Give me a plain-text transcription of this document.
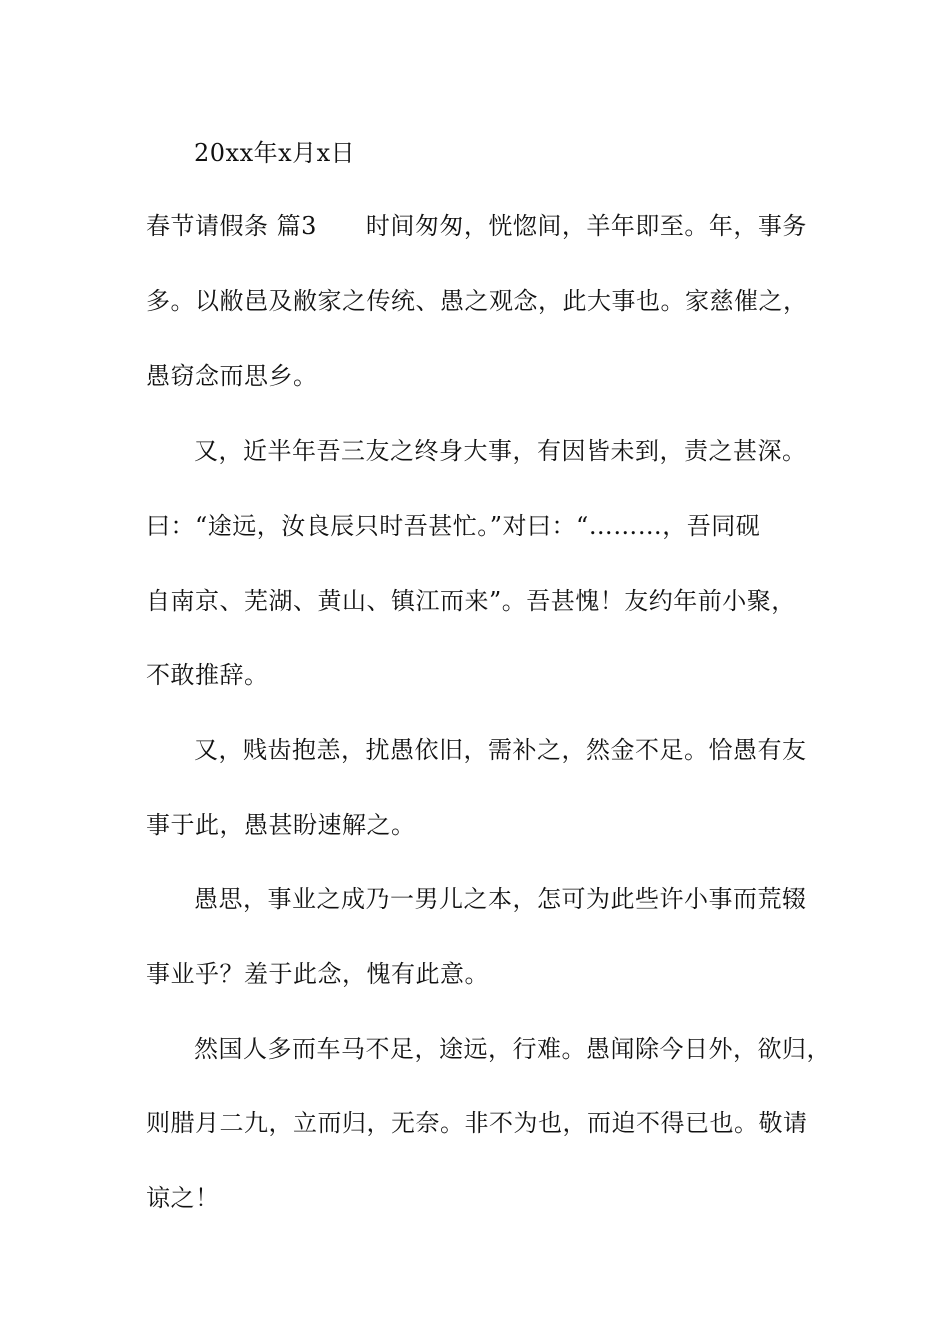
20xx年x月x日
春节请假条 篇3　　时间匆匆，恍惚间，羊年即至。年，事务
多。以敝邑及敝家之传统、愚之观念，此大事也。家慈催之，
愚窃念而思乡。
又，近半年吾三友之终身大事，有因皆未到，责之甚深。
曰：“途远，汝良辰只时吾甚忙。”对曰：“………，吾同砚
自南京、芜湖、黄山、镇江而来”。吾甚愧！友约年前小聚，
不敢推辞。
又，贱齿抱恙，扰愚依旧，需补之，然金不足。恰愚有友
事于此，愚甚盼速解之。
愚思，事业之成乃一男儿之本，怎可为此些许小事而荒辍
事业乎？羞于此念，愧有此意。
然国人多而车马不足，途远，行难。愚闻除今日外，欲归，
则腊月二九，立而归，无奈。非不为也，而迫不得已也。敬请
谅之！
